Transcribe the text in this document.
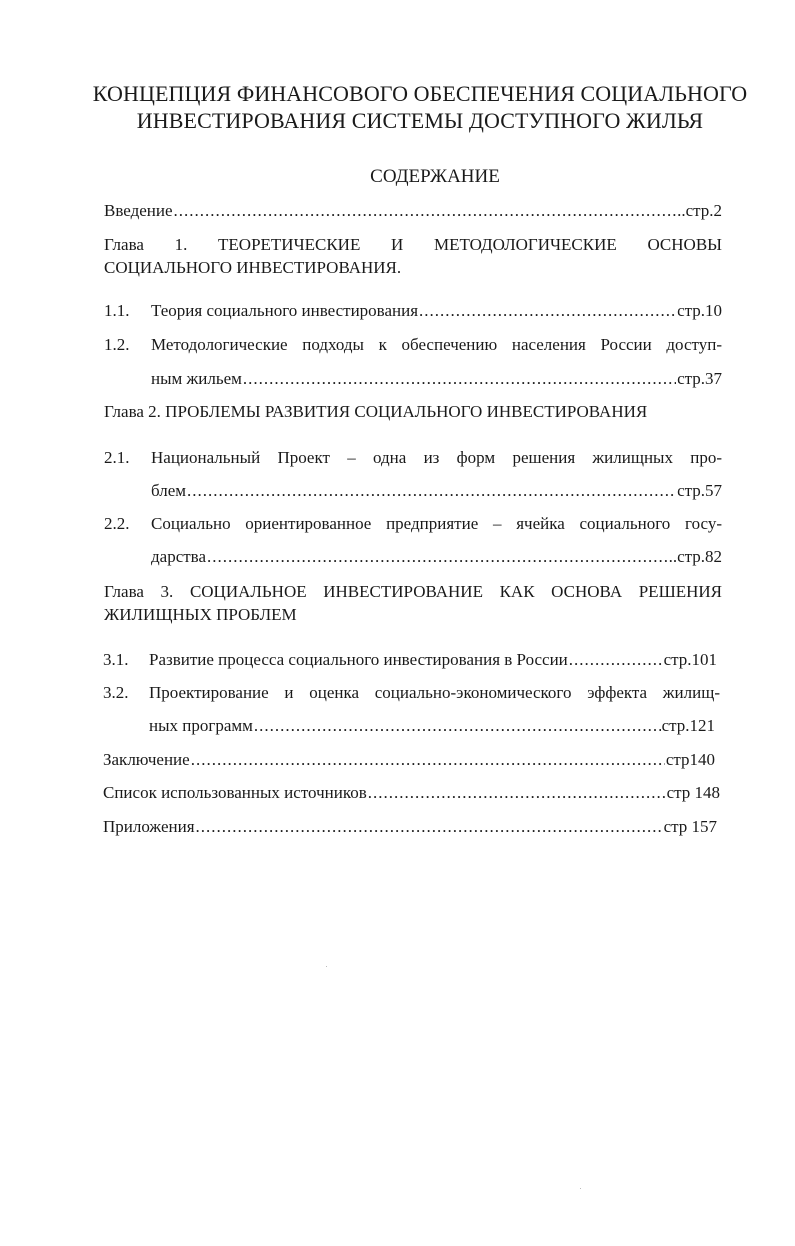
КОНЦЕПЦИЯ ФИНАНСОВОГО ОБЕСПЕЧЕНИЯ СОЦИАЛЬНОГО
ИНВЕСТИРОВАНИЯ СИСТЕМЫ ДОСТУПНОГО ЖИЛЬЯ
СОДЕРЖАНИЕ
Введение .....	..стр.2
Глава 1. ТЕОРЕТИЧЕСКИЕ И МЕТОДОЛОГИЧЕСКИЕ ОСНОВЫ
СОЦИАЛЬНОГО ИНВЕСТИРОВАНИЯ.
1.1. Теория социального инвестирования .....	стр.10
1.2. Методологические подходы к обеспечению населения России доступ-
ным жильем .....	стр.37
Глава 2. ПРОБЛЕМЫ РАЗВИТИЯ СОЦИАЛЬНОГО ИНВЕСТИРОВАНИЯ
2.1. Национальный Проект – одна из форм решения жилищных про-
блем .....	стр.57
2.2. Социально ориентированное предприятие – ячейка социального госу-
дарства .....	..стр.82
Глава 3. СОЦИАЛЬНОЕ ИНВЕСТИРОВАНИЕ КАК ОСНОВА РЕШЕНИЯ
ЖИЛИЩНЫХ ПРОБЛЕМ
3.1. Развитие процесса социального инвестирования в России .....	стр.101
3.2. Проектирование и оценка социально-экономического эффекта жилищ-
ных программ .....	стр.121
Заключение .....	стр140
Список использованных источников .....	стр 148
Приложения .....	стр 157
